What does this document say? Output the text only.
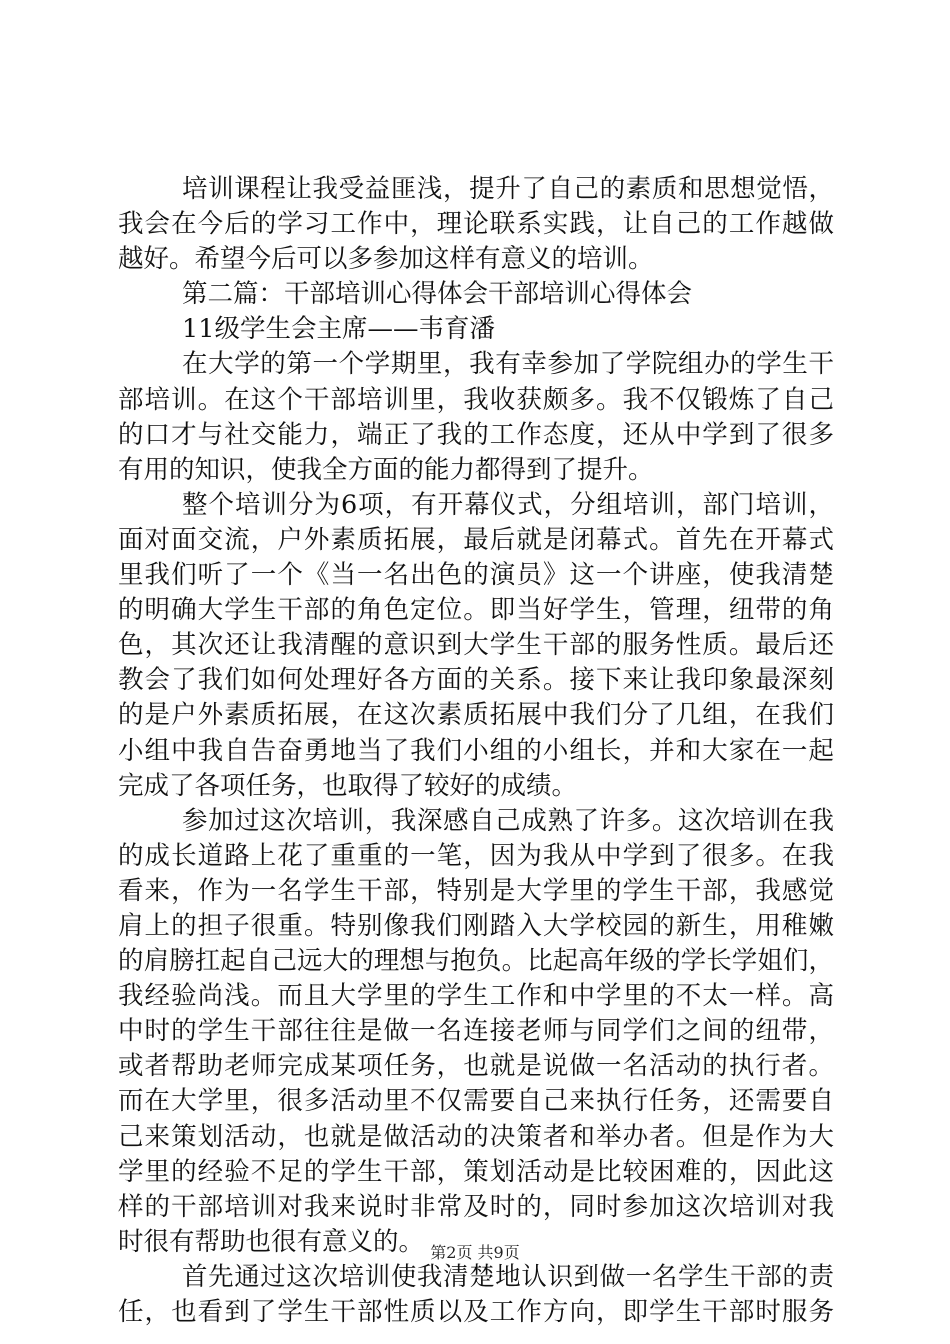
培训课程让我受益匪浅，提升了自己的素质和思想觉悟，
我会在今后的学习工作中，理论联系实践，让自己的工作越做
越好。希望今后可以多参加这样有意义的培训。
第二篇：干部培训心得体会干部培训心得体会
11级学生会主席——韦育潘
在大学的第一个学期里，我有幸参加了学院组办的学生干
部培训。在这个干部培训里，我收获颇多。我不仅锻炼了自己
的口才与社交能力，端正了我的工作态度，还从中学到了很多
有用的知识，使我全方面的能力都得到了提升。
整个培训分为6项，有开幕仪式，分组培训，部门培训，
面对面交流，户外素质拓展，最后就是闭幕式。首先在开幕式
里我们听了一个《当一名出色的演员》这一个讲座，使我清楚
的明确大学生干部的角色定位。即当好学生，管理，纽带的角
色，其次还让我清醒的意识到大学生干部的服务性质。最后还
教会了我们如何处理好各方面的关系。接下来让我印象最深刻
的是户外素质拓展，在这次素质拓展中我们分了几组，在我们
小组中我自告奋勇地当了我们小组的小组长，并和大家在一起
完成了各项任务，也取得了较好的成绩。
参加过这次培训，我深感自己成熟了许多。这次培训在我
的成长道路上花了重重的一笔，因为我从中学到了很多。在我
看来，作为一名学生干部，特别是大学里的学生干部，我感觉
肩上的担子很重。特别像我们刚踏入大学校园的新生，用稚嫩
的肩膀扛起自己远大的理想与抱负。比起高年级的学长学姐们，
我经验尚浅。而且大学里的学生工作和中学里的不太一样。高
中时的学生干部往往是做一名连接老师与同学们之间的纽带，
或者帮助老师完成某项任务，也就是说做一名活动的执行者。
而在大学里，很多活动里不仅需要自己来执行任务，还需要自
己来策划活动，也就是做活动的决策者和举办者。但是作为大
学里的经验不足的学生干部，策划活动是比较困难的，因此这
样的干部培训对我来说时非常及时的，同时参加这次培训对我
时很有帮助也很有意义的。
首先通过这次培训使我清楚地认识到做一名学生干部的责
任，也看到了学生干部性质以及工作方向，即学生干部时服务
第2页 共9页
